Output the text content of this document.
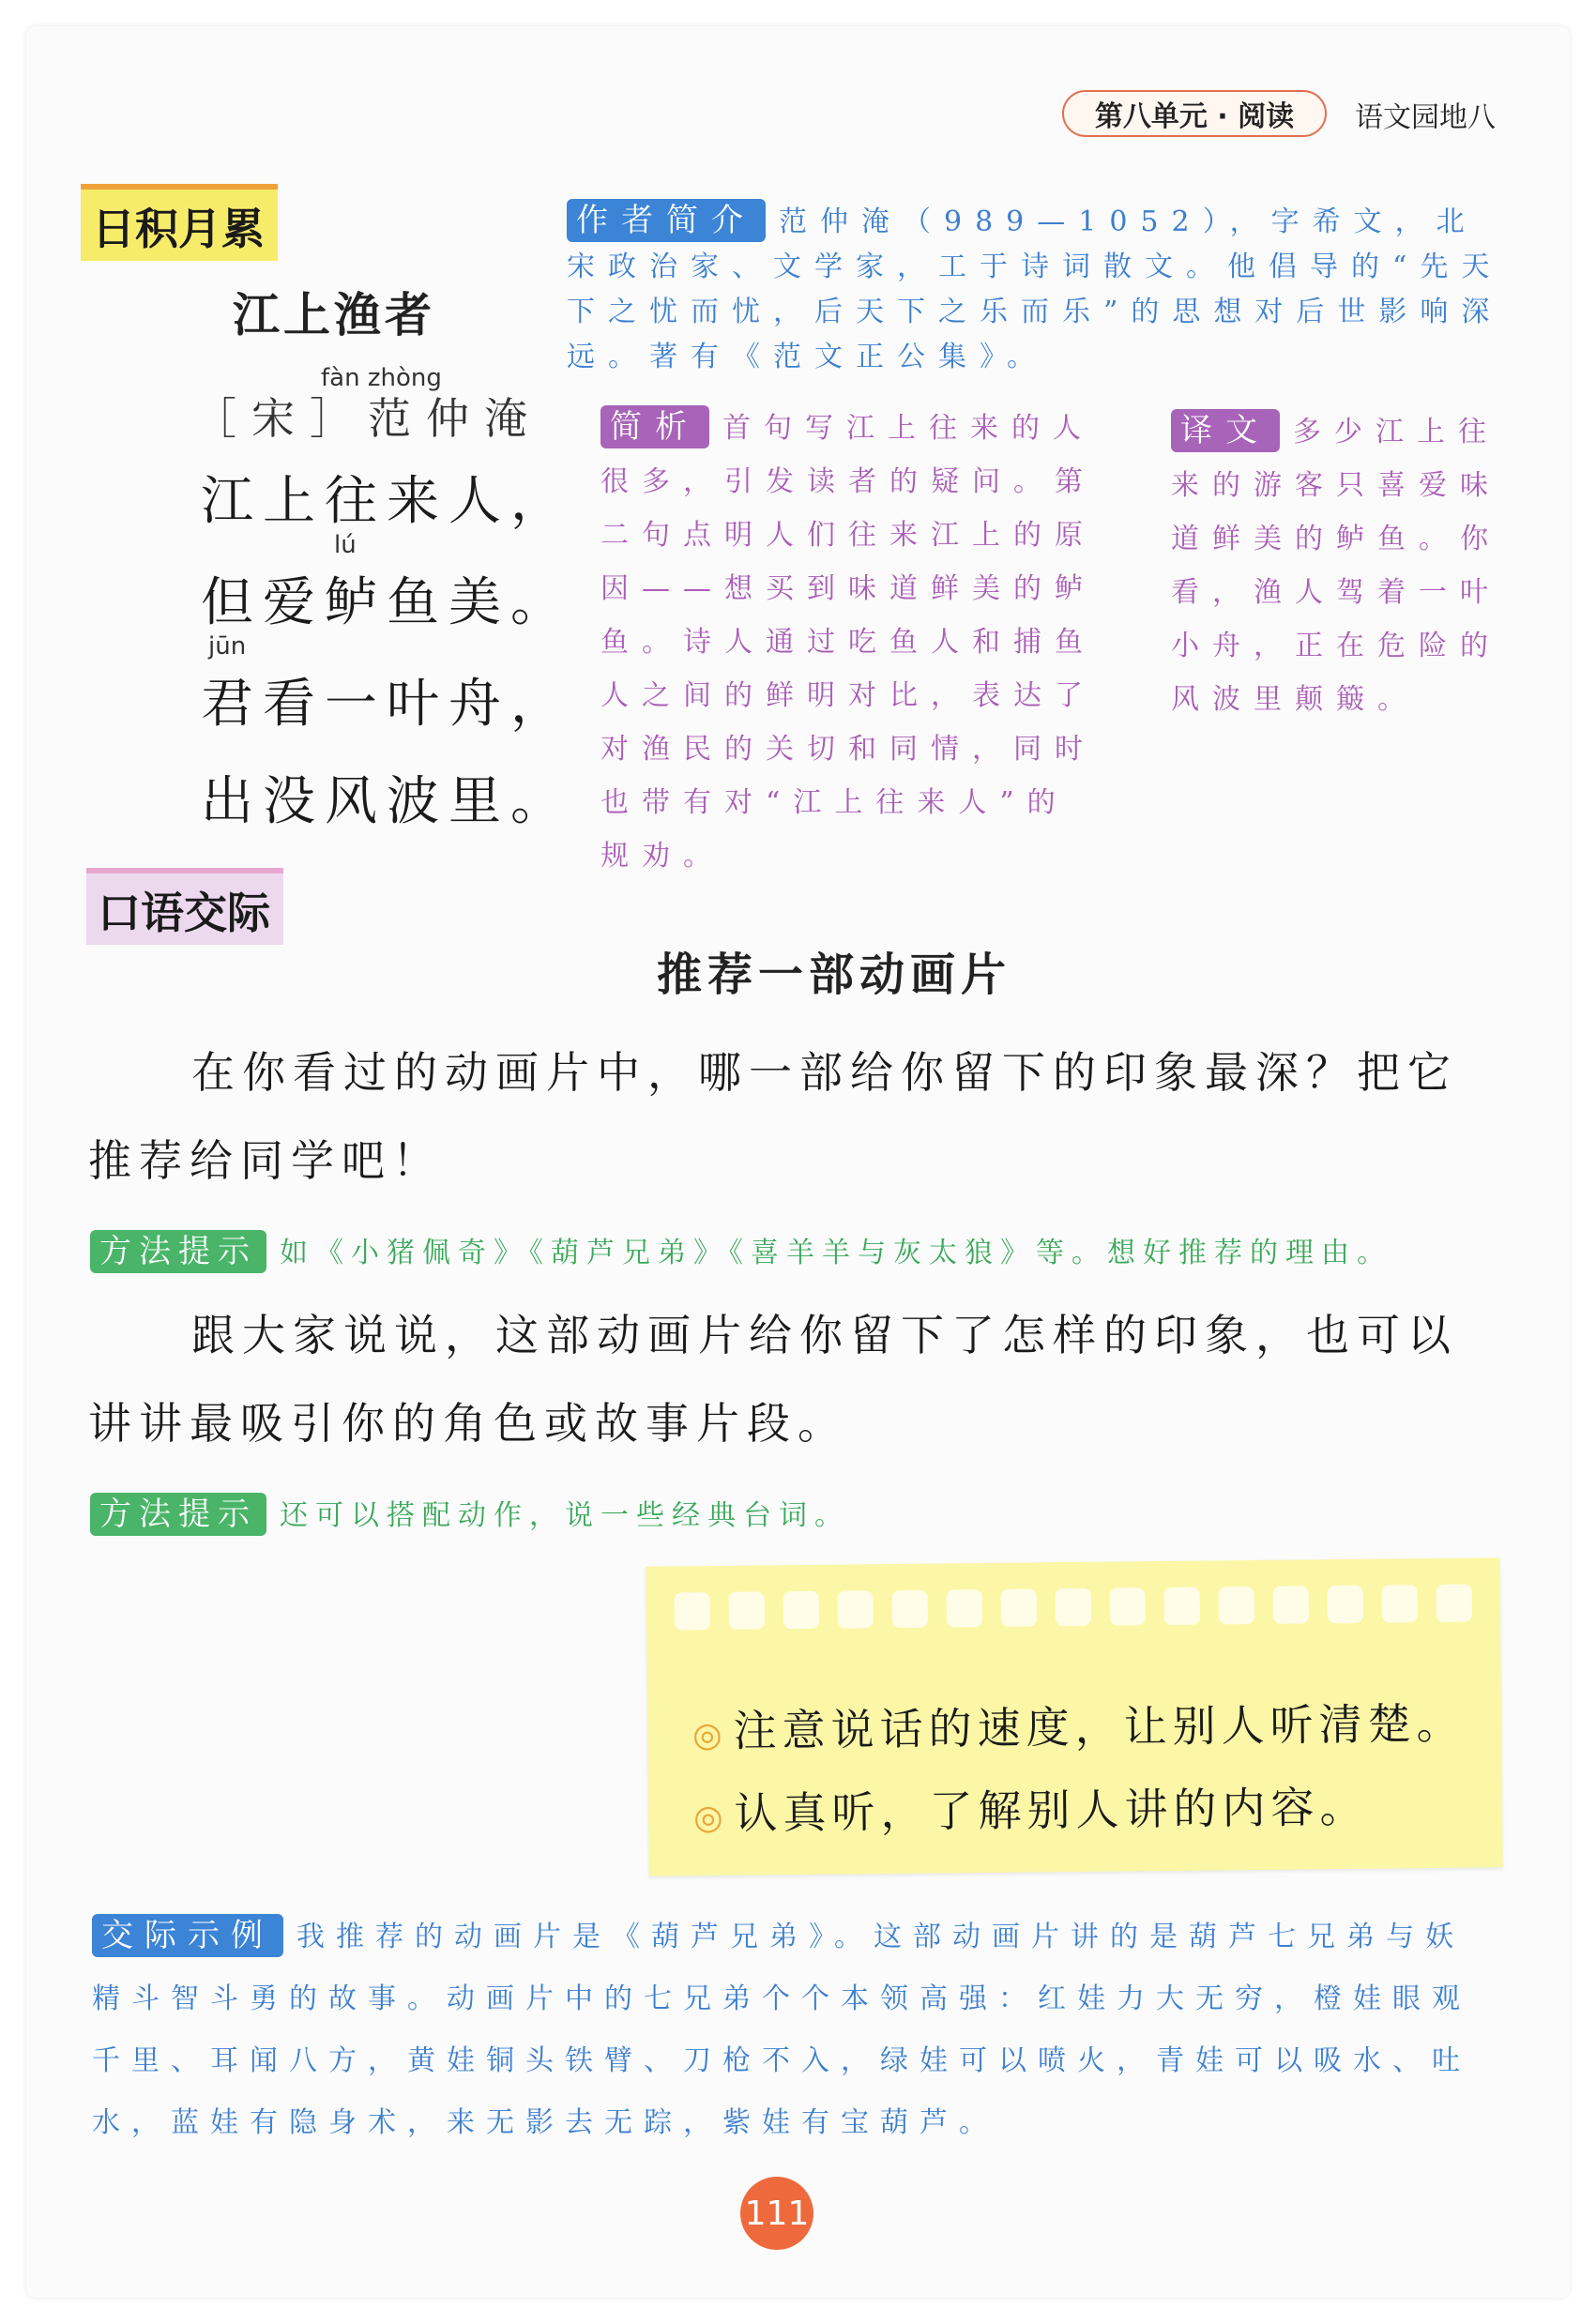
第八单元 · 阅读	语文园地八
日积月累
江上渔者
fàn zhòng
［宋］范仲淹
江上往来人，
lú
但爱鲈鱼美。
jūn
君看一叶舟，
出没风波里。
作者简介 范仲淹（989—1052），字希文，北宋政治家、文学家，工于诗词散文。他倡导的“先天下之忧而忧，后天下之乐而乐”的思想对后世影响深远。著有《范文正公集》。
简析 首句写江上往来的人很多，引发读者的疑问。第二句点明人们往来江上的原因——想买到味道鲜美的鲈鱼。诗人通过吃鱼人和捕鱼人之间的鲜明对比，表达了对渔民的关切和同情，同时也带有对“江上往来人”的规劝。
译文 多少江上往来的游客只喜爱味道鲜美的鲈鱼。你看，渔人驾着一叶小舟，正在危险的风波里颠簸。
口语交际
推荐一部动画片
在你看过的动画片中，哪一部给你留下的印象最深？把它推荐给同学吧！
方法提示 如《小猪佩奇》《葫芦兄弟》《喜羊羊与灰太狼》等。想好推荐的理由。
跟大家说说，这部动画片给你留下了怎样的印象，也可以讲讲最吸引你的角色或故事片段。
方法提示 还可以搭配动作，说一些经典台词。
◎ 注意说话的速度，让别人听清楚。
◎ 认真听，了解别人讲的内容。
交际示例 我推荐的动画片是《葫芦兄弟》。这部动画片讲的是葫芦七兄弟与妖精斗智斗勇的故事。动画片中的七兄弟个个本领高强：红娃力大无穷，橙娃眼观千里、耳闻八方，黄娃铜头铁臂、刀枪不入，绿娃可以喷火，青娃可以吸水、吐水，蓝娃有隐身术，来无影去无踪，紫娃有宝葫芦。
111
